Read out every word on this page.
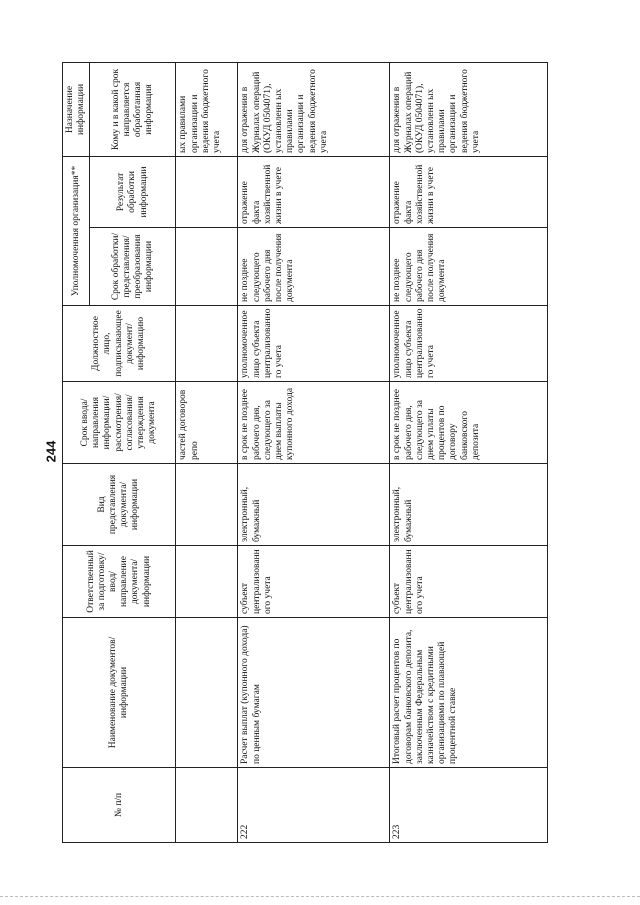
244
№ п/п	Наименование документов/информации	Ответственный за подготовку/ ввод/ направление документа/ информации	Вид представления документа/ информации	Срок ввода/ направления информации/ рассмотрения/ согласования/ утверждения документа	Должностное лицо, подписывающее документ/ информацию	Уполномоченная организация**		Назначение информации
						Срок обработки/ представления/ преобразования информации	Результат обработки информации	Кому и в какой срок направляется обработанная информация
				частей договоров репо				ых правилами организации и ведения бюджетного учета
222	Расчет выплат (купонного дохода) по ценным бумагам	субъект централизованн ого учета	электронный, бумажный	в срок не позднее рабочего дня, следующего за днем выплаты купонного дохода	уполномоченное лицо субъекта централизованно го учета	не позднее следующего рабочего дня после получения документа	отражение факта хозяйственной жизни в учете	для отражения в Журналах операций (ОКУД 0504071), установленн ых правилами организации и ведения бюджетного учета
223	Итоговый расчет процентов по договорам банковского депозита, заключенным Федеральным казначейством с кредитными организациями по плавающей процентной ставке	субъект централизованн ого учета	электронный, бумажный	в срок не позднее рабочего дня, следующего за днем уплаты процентов по договору банковского депозита	уполномоченное лицо субъекта централизованно го учета	не позднее следующего рабочего дня после получения документа	отражение факта хозяйственной жизни в учете	для отражения в Журналах операций (ОКУД 0504071), установленн ых правилами организации и ведения бюджетного учета
